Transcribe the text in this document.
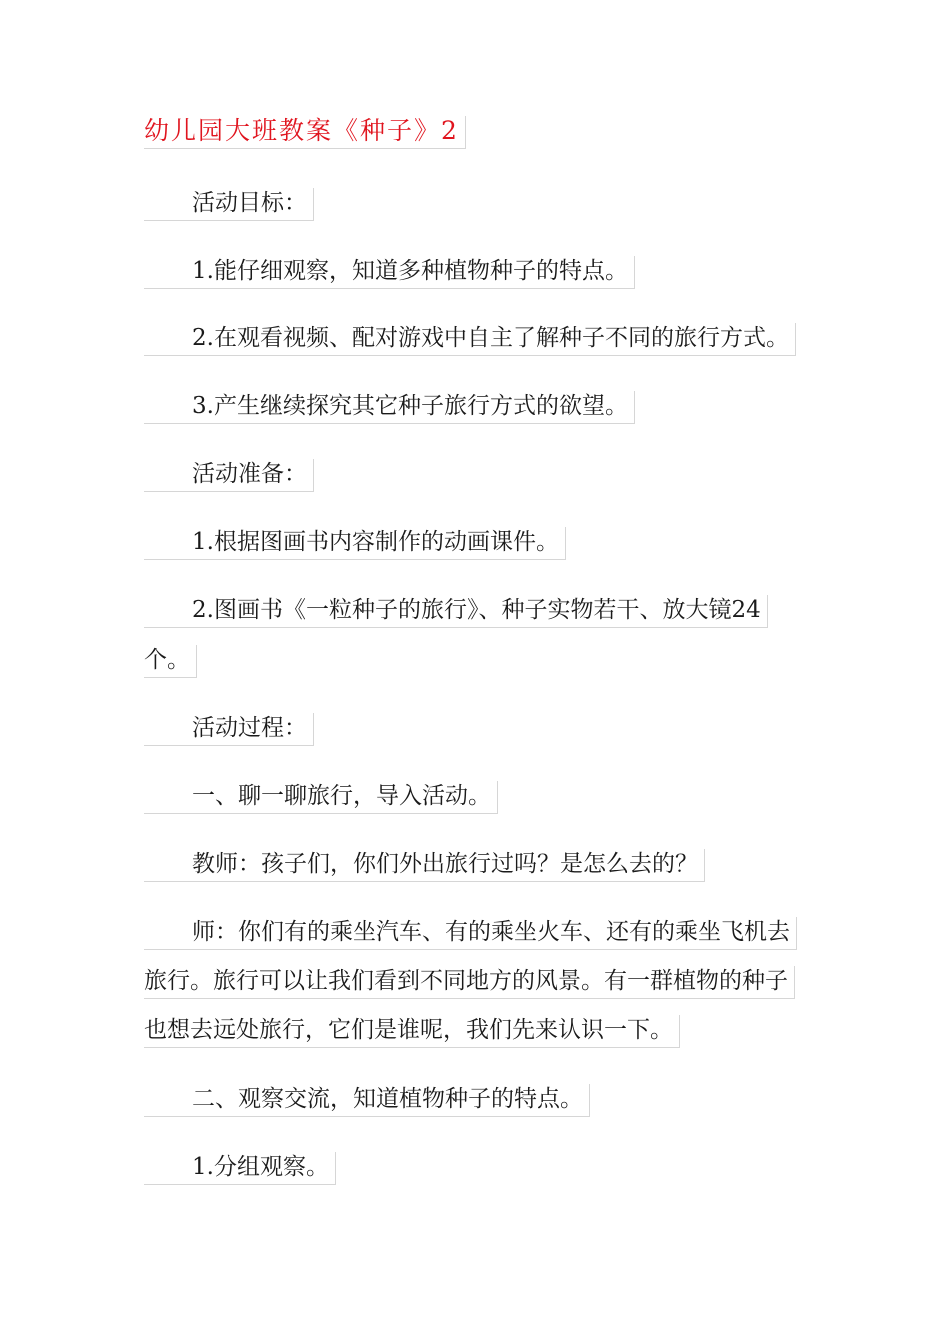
幼儿园大班教案《种子》2
活动目标：
1.能仔细观察，知道多种植物种子的特点。
2.在观看视频、配对游戏中自主了解种子不同的旅行方式。
3.产生继续探究其它种子旅行方式的欲望。
活动准备：
1.根据图画书内容制作的动画课件。
2.图画书《一粒种子的旅行》、种子实物若干、放大镜24
个。
活动过程：
一、聊一聊旅行，导入活动。
教师：孩子们，你们外出旅行过吗？是怎么去的？
师：你们有的乘坐汽车、有的乘坐火车、还有的乘坐飞机去
旅行。旅行可以让我们看到不同地方的风景。有一群植物的种子
也想去远处旅行，它们是谁呢，我们先来认识一下。
二、观察交流，知道植物种子的特点。
1.分组观察。
